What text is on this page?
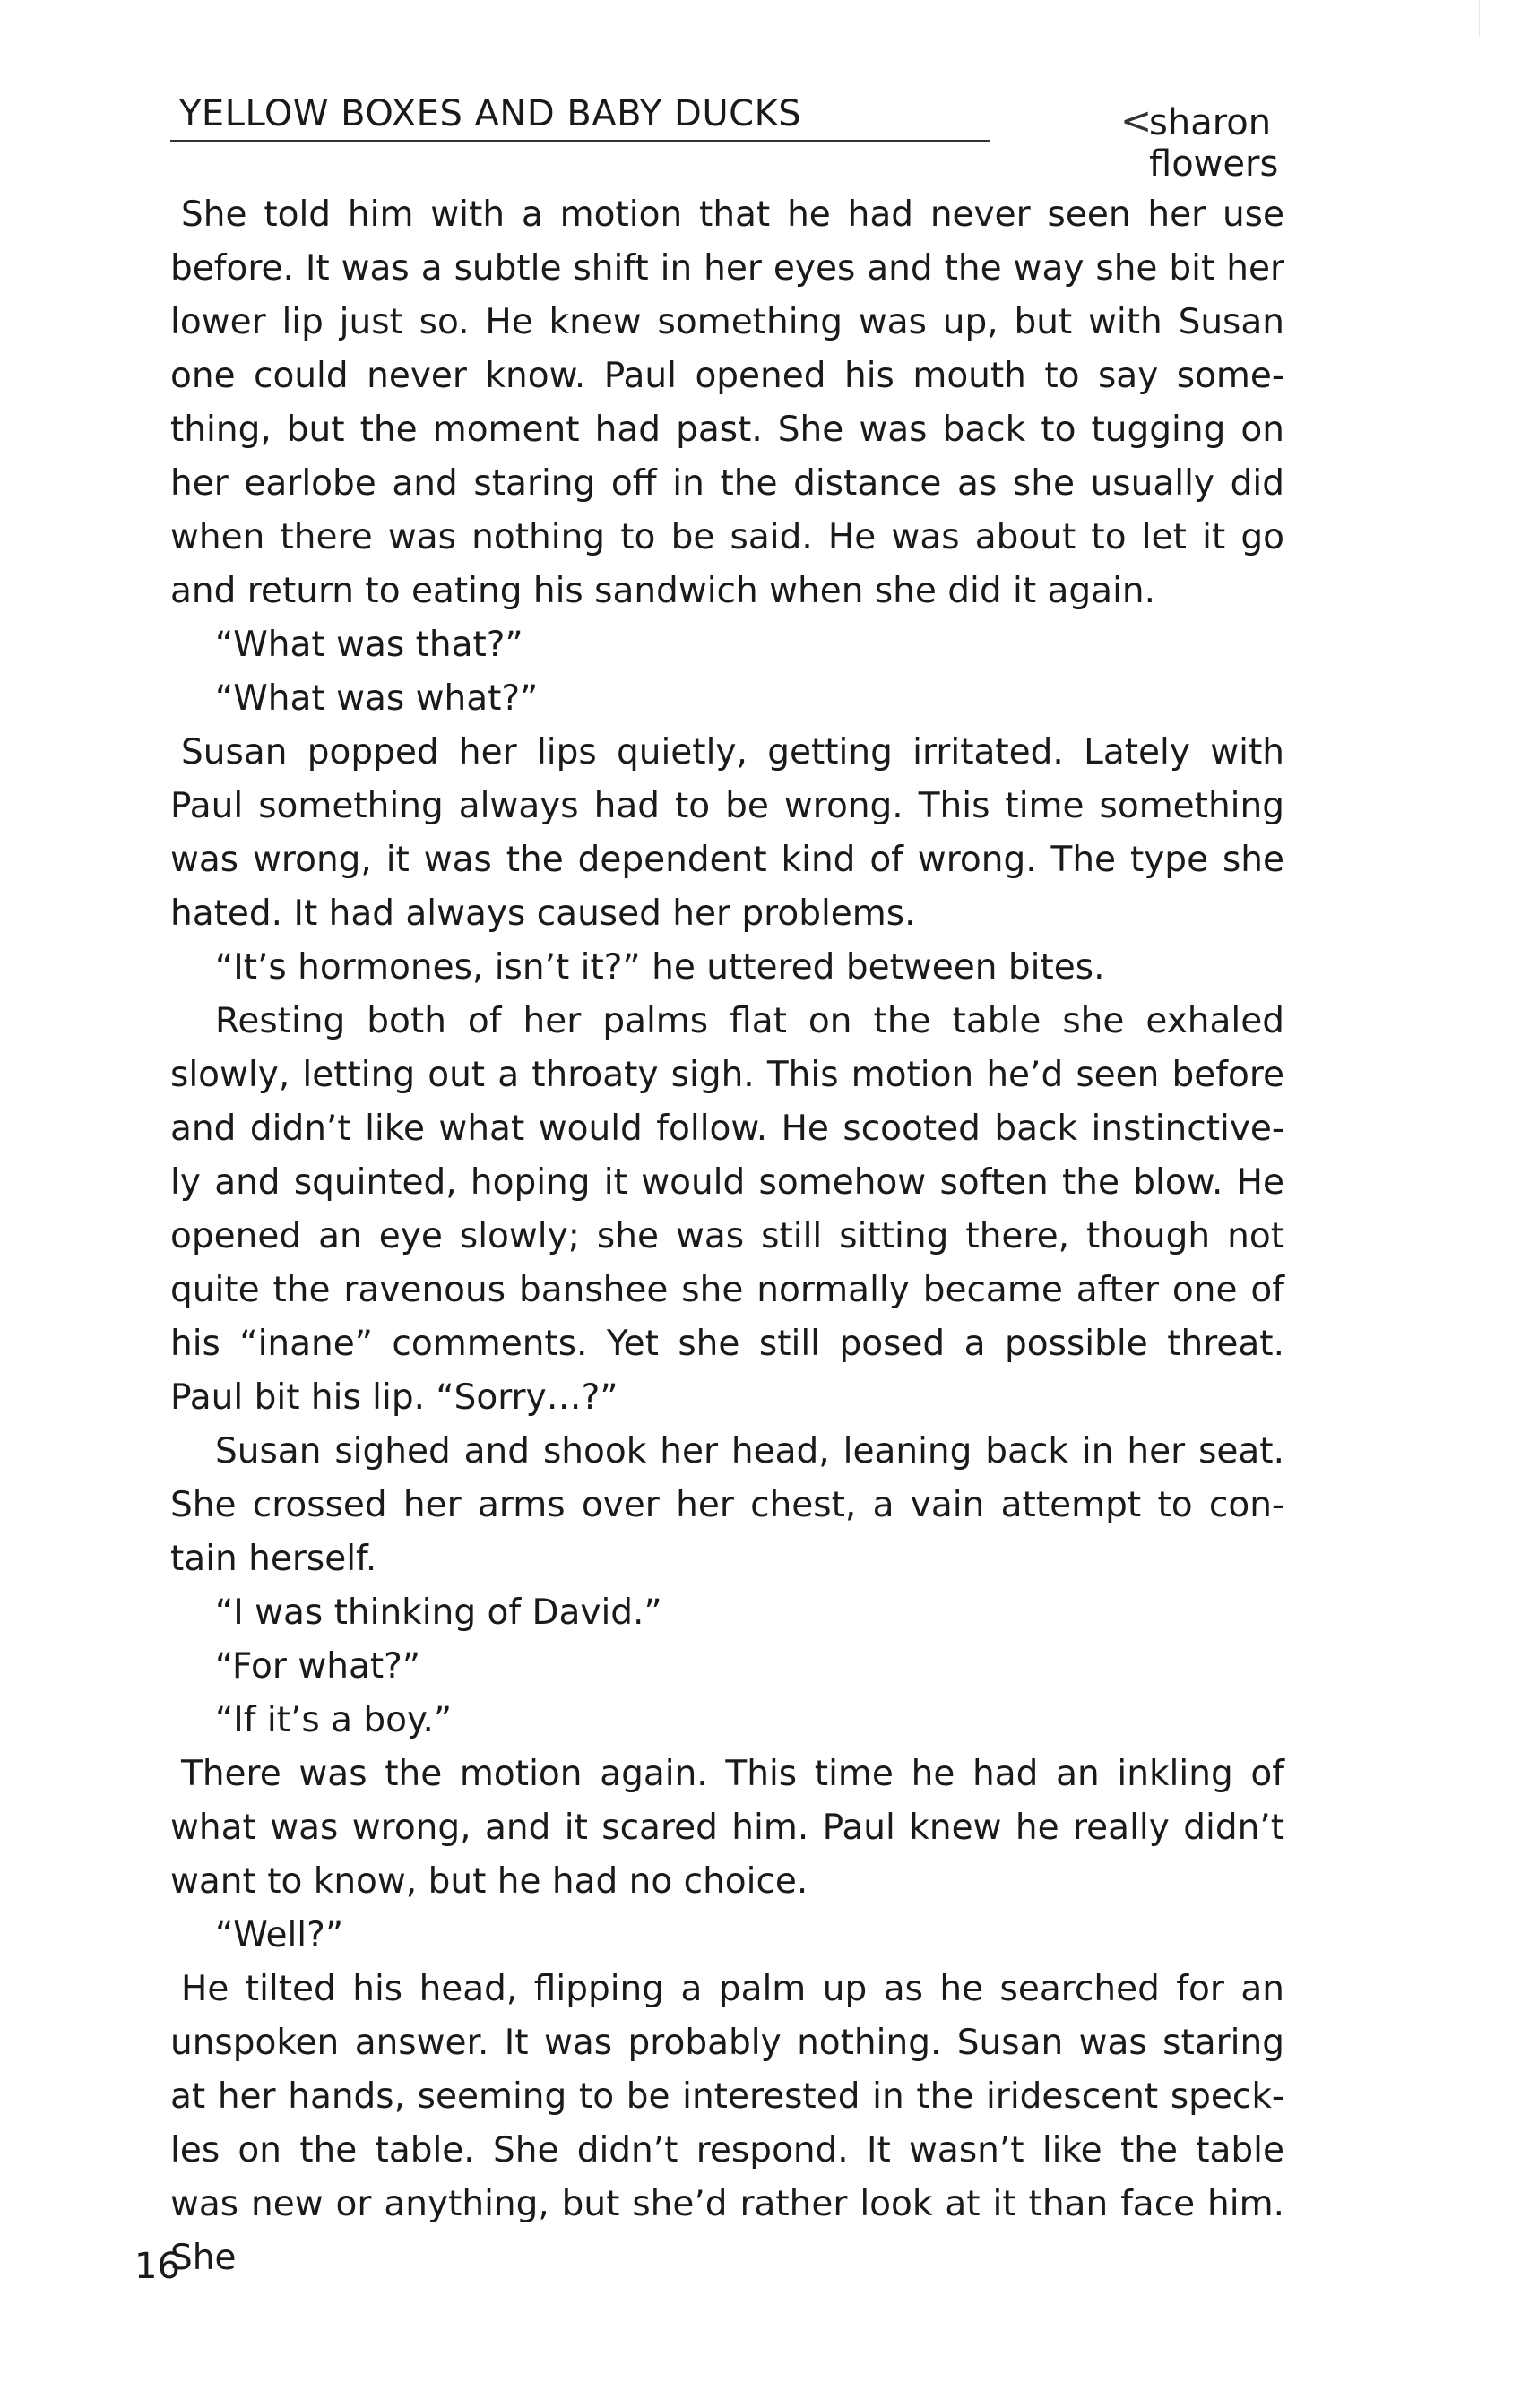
YELLOW BOXES AND BABY DUCKS	<
sharon flowers

She told him with a motion that he had never seen her use before. It was a subtle shift in her eyes and the way she bit her lower lip just so. He knew something was up, but with Susan one could never know. Paul opened his mouth to say some-thing, but the moment had past. She was back to tugging on her earlobe and staring off in the distance as she usually did when there was nothing to be said. He was about to let it go and return to eating his sandwich when she did it again.

“What was that?”

“What was what?”

Susan popped her lips quietly, getting irritated. Lately with Paul something always had to be wrong. This time something was wrong, it was the dependent kind of wrong. The type she hated. It had always caused her problems.

“It’s hormones, isn’t it?” he uttered between bites.

Resting both of her palms flat on the table she exhaled slowly, letting out a throaty sigh. This motion he’d seen before and didn’t like what would follow. He scooted back instinctive-ly and squinted, hoping it would somehow soften the blow. He opened an eye slowly; she was still sitting there, though not quite the ravenous banshee she normally became after one of his “inane” comments. Yet she still posed a possible threat. Paul bit his lip. “Sorry…?”

Susan sighed and shook her head, leaning back in her seat. She crossed her arms over her chest, a vain attempt to con-tain herself.

“I was thinking of David.”

“For what?”

“If it’s a boy.”

There was the motion again. This time he had an inkling of what was wrong, and it scared him. Paul knew he really didn’t want to know, but he had no choice.

“Well?”

He tilted his head, flipping a palm up as he searched for an unspoken answer. It was probably nothing. Susan was staring at her hands, seeming to be interested in the iridescent speck-les on the table. She didn’t respond. It wasn’t like the table was new or anything, but she’d rather look at it than face him. She

16
